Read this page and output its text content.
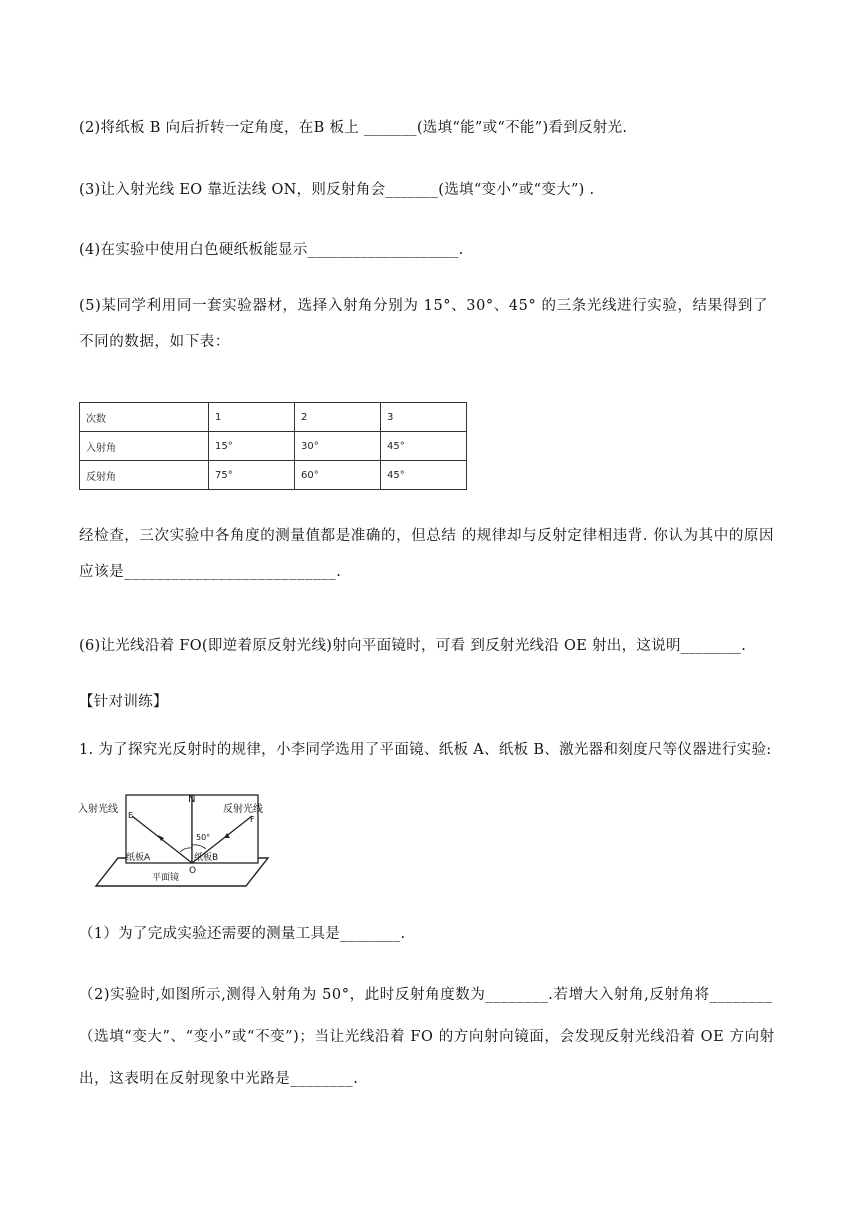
(2)将纸板 B 向后折转一定角度，在B 板上 _______(选填“能”或“不能”)看到反射光.
(3)让入射光线 EO 靠近法线 ON，则反射角会_______(选填“变小”或“变大”) .
(4)在实验中使用白色硬纸板能显示____________________.
(5)某同学利用同一套实验器材，选择入射角分别为 15°、30°、45° 的三条光线进行实验，结果得到了
不同的数据，如下表：
次数	1	2	3
入射角	15°	30°	45°
反射角	75°	60°	45°
经检查，三次实验中各角度的测量值都是准确的，但总结 的规律却与反射定律相违背. 你认为其中的原因
应该是___________________________.
(6)让光线沿着 FO(即逆着原反射光线)射向平面镜时，可看 到反射光线沿 OE 射出，这说明________.
【针对训练】
1. 为了探究光反射时的规律，小李同学选用了平面镜、纸板 A、纸板 B、激光器和刻度尺等仪器进行实验:
入射光线	反射光线
N
E	F
O
50°
纸板A	纸板B
平面镜
（1）为了完成实验还需要的测量工具是________.
（2)实验时,如图所示,测得入射角为 50°，此时反射角度数为________.若增大入射角,反射角将________
（选填“变大”、“变小”或“不变”)；当让光线沿着 FO 的方向射向镜面，会发现反射光线沿着 OE 方向射
出，这表明在反射现象中光路是________.
